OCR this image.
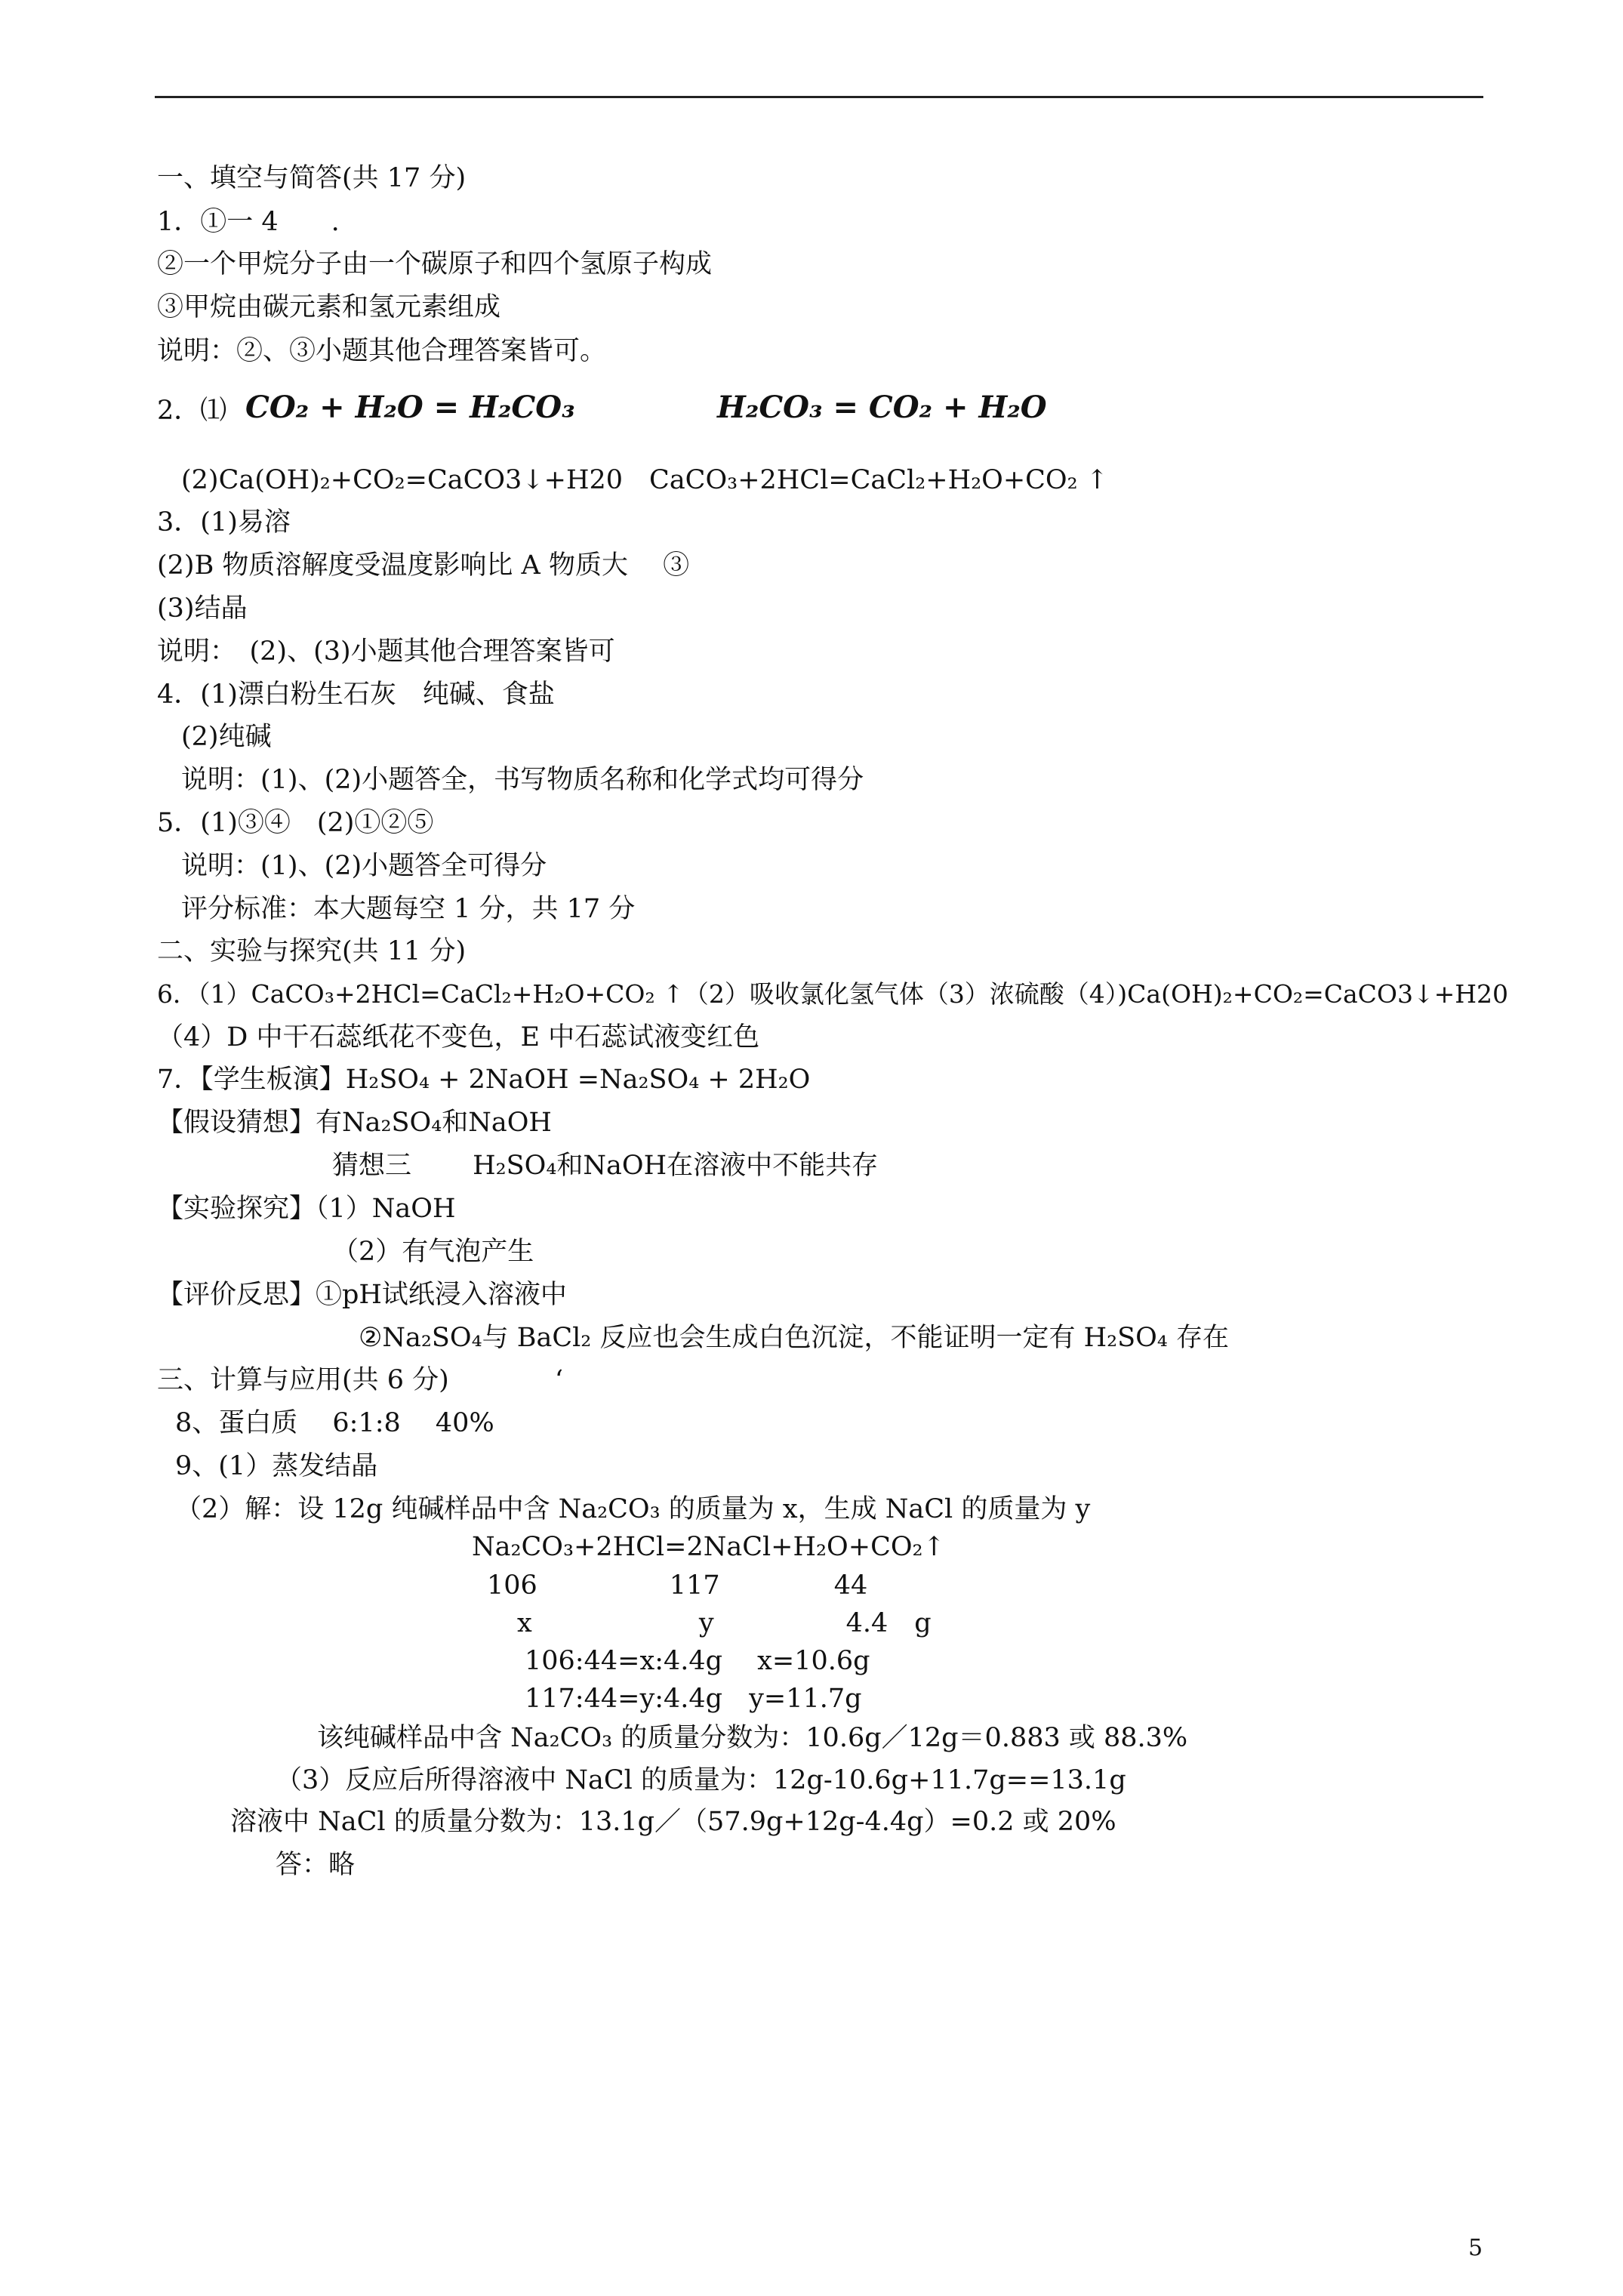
一、填空与简答(共 17 分)
1．①一 4　　.
②一个甲烷分子由一个碳原子和四个氢原子构成
③甲烷由碳元素和氢元素组成
说明：②、③小题其他合理答案皆可。
2．⑴ CO₂ + H₂O = H₂CO₃	H₂CO₃ = CO₂ + H₂O
(2)Ca(OH)₂+CO₂=CaCO3↓+H20　CaCO₃+2HCl=CaCl₂+H₂O+CO₂ ↑
3．(1)易溶
(2)B 物质溶解度受温度影响比 A 物质大　 ③
(3)结晶
说明：　(2)、(3)小题其他合理答案皆可
4．(1)漂白粉生石灰　纯碱、食盐
(2)纯碱
说明：(1)、(2)小题答全，书写物质名称和化学式均可得分
5．(1)③④　(2)①②⑤
说明：(1)、(2)小题答全可得分
评分标准：本大题每空 1 分，共 17 分
二、实验与探究(共 11 分)
6．（1）CaCO₃+2HCl=CaCl₂+H₂O+CO₂ ↑（2）吸收氯化氢气体（3）浓硫酸（4）)Ca(OH)₂+CO₂=CaCO3↓+H20
（4）D 中干石蕊纸花不变色，E 中石蕊试液变红色
7．【学生板演】H₂SO₄ + 2NaOH =Na₂SO₄ + 2H₂O
【假设猜想】有Na₂SO₄和NaOH
猜想三　　 H₂SO₄和NaOH在溶液中不能共存
【实验探究】（1）NaOH
（2）有气泡产生
【评价反思】①pH试纸浸入溶液中
②Na₂SO₄与 BaCl₂ 反应也会生成白色沉淀，不能证明一定有 H₂SO₄ 存在
三、计算与应用(共 6 分)　　　　‘
8、蛋白质　 6:1:8　 40%
9、(1）蒸发结晶
（2）解：设 12g 纯碱样品中含 Na₂CO₃ 的质量为 x，生成 NaCl 的质量为 y
Na₂CO₃+2HCl=2NaCl+H₂O+CO₂↑
106　　　　　117　　　　 44
x　　　　　　 y　　　　　4.4　g
106:44=x:4.4g　 x=10.6g
117:44=y:4.4g　y=11.7g
该纯碱样品中含 Na₂CO₃ 的质量分数为：10.6g／12g＝0.883 或 88.3%
（3）反应后所得溶液中 NaCl 的质量为：12g-10.6g+11.7g==13.1g
溶液中 NaCl 的质量分数为：13.1g／（57.9g+12g-4.4g）=0.2 或 20%
答：略
5
